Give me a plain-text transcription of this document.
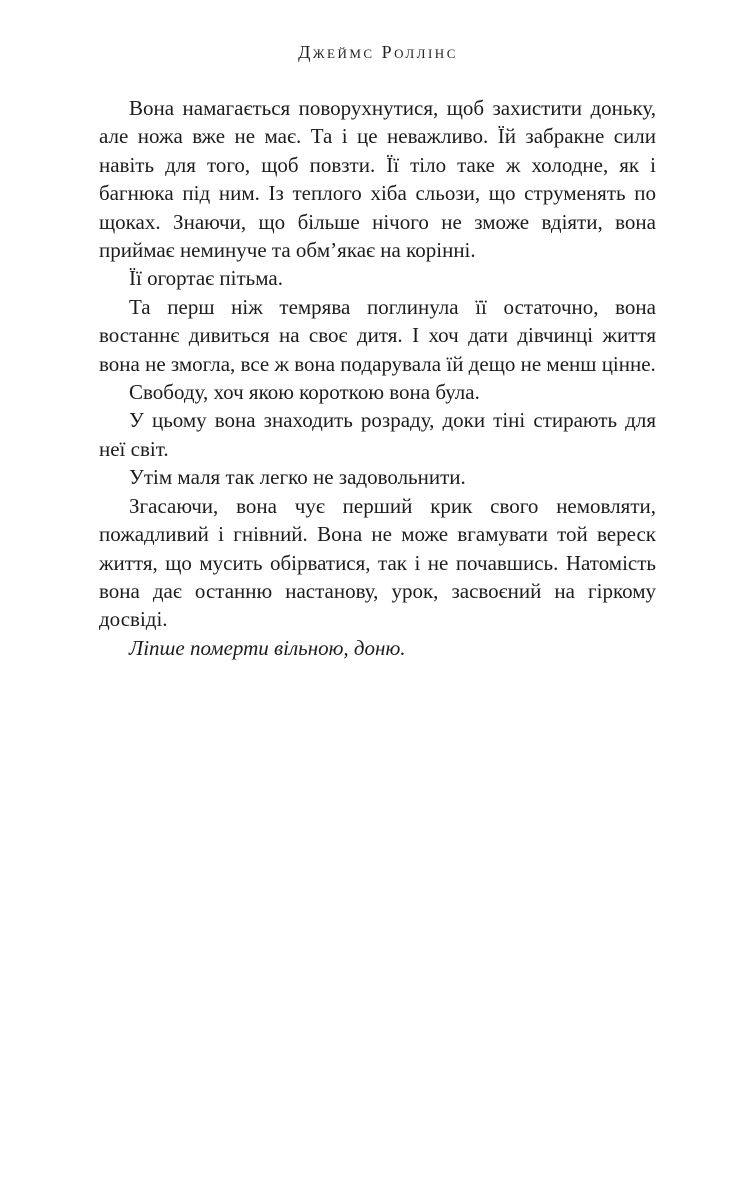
Джеймс Роллінс

Вона намагається поворухнутися, щоб захистити доньку, але ножа вже не має. Та і це неважливо. Їй забракне сили навіть для того, щоб повзти. Її тіло таке ж холодне, як і багнюка під ним. Із теплого хіба сльози, що струменять по щоках. Знаючи, що більше нічого не зможе вдіяти, вона приймає неминуче та обм’якає на корінні.

Її огортає пітьма.

Та перш ніж темрява поглинула її остаточно, вона востаннє дивиться на своє дитя. І хоч дати дівчинці життя вона не змогла, все ж вона подарувала їй дещо не менш цінне.

Свободу, хоч якою короткою вона була.

У цьому вона знаходить розраду, доки тіні стирають для неї світ.

Утім маля так легко не задовольнити.

Згасаючи, вона чує перший крик свого немовляти, пожадливий і гнівний. Вона не може вгамувати той вереск життя, що мусить обірватися, так і не почавшись. Натомість вона дає останню настанову, урок, засвоєний на гіркому досвіді.

Ліпше померти вільною, доню.
